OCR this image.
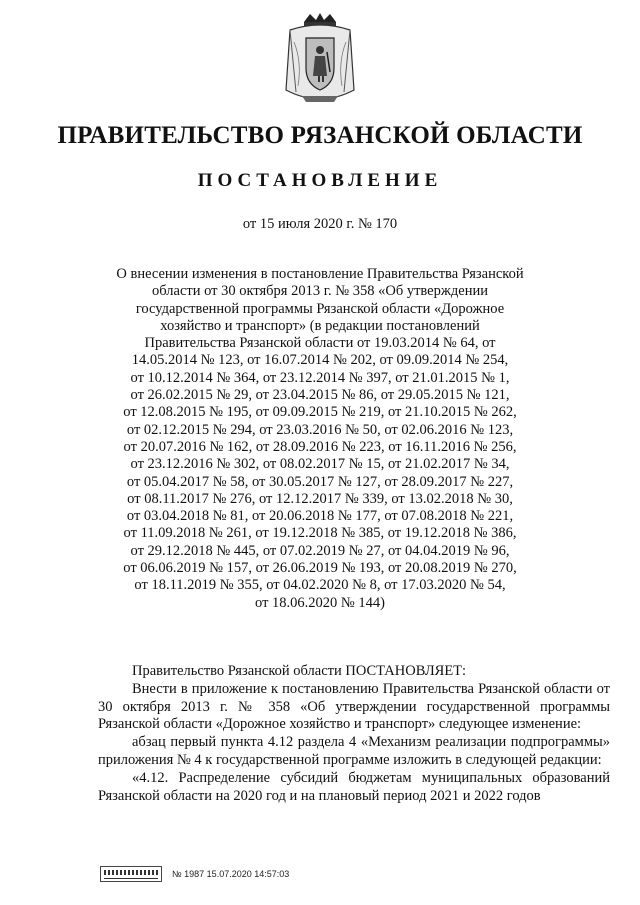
ПРАВИТЕЛЬСТВО РЯЗАНСКОЙ ОБЛАСТИ
ПОСТАНОВЛЕНИЕ
от 15 июля 2020 г. № 170
О внесении изменения в постановление Правительства Рязанской
области от 30 октября 2013 г. № 358 «Об утверждении
государственной программы Рязанской области «Дорожное
хозяйство и транспорт» (в редакции постановлений
Правительства Рязанской области от 19.03.2014 № 64, от
14.05.2014 № 123, от 16.07.2014 № 202, от 09.09.2014 № 254,
от 10.12.2014 № 364, от 23.12.2014 № 397, от 21.01.2015 № 1,
от 26.02.2015 № 29, от 23.04.2015 № 86, от 29.05.2015 № 121,
от 12.08.2015 № 195, от 09.09.2015 № 219, от 21.10.2015 № 262,
от 02.12.2015 № 294, от 23.03.2016 № 50, от 02.06.2016 № 123,
от 20.07.2016 № 162, от 28.09.2016 № 223, от 16.11.2016 № 256,
от 23.12.2016 № 302, от 08.02.2017 № 15, от 21.02.2017 № 34,
от 05.04.2017 № 58, от 30.05.2017 № 127, от 28.09.2017 № 227,
от 08.11.2017 № 276, от 12.12.2017 № 339, от 13.02.2018 № 30,
от 03.04.2018 № 81, от 20.06.2018 № 177, от 07.08.2018 № 221,
от 11.09.2018 № 261, от 19.12.2018 № 385, от 19.12.2018 № 386,
от 29.12.2018 № 445, от 07.02.2019 № 27, от 04.04.2019 № 96,
от 06.06.2019 № 157, от 26.06.2019 № 193, от 20.08.2019 № 270,
от 18.11.2019 № 355, от 04.02.2020 № 8, от 17.03.2020 № 54,
от 18.06.2020 № 144)

Правительство Рязанской области ПОСТАНОВЛЯЕТ:

Внести в приложение к постановлению Правительства Рязанской области от 30 октября 2013 г. № 358 «Об утверждении государственной программы Рязанской области «Дорожное хозяйство и транспорт» следующее изменение:

абзац первый пункта 4.12 раздела 4 «Механизм реализации подпрограммы» приложения № 4 к государственной программе изложить в следующей редакции:

«4.12. Распределение субсидий бюджетам муниципальных образований Рязанской области на 2020 год и на плановый период 2021 и 2022 годов

№ 1987 15.07.2020 14:57:03
